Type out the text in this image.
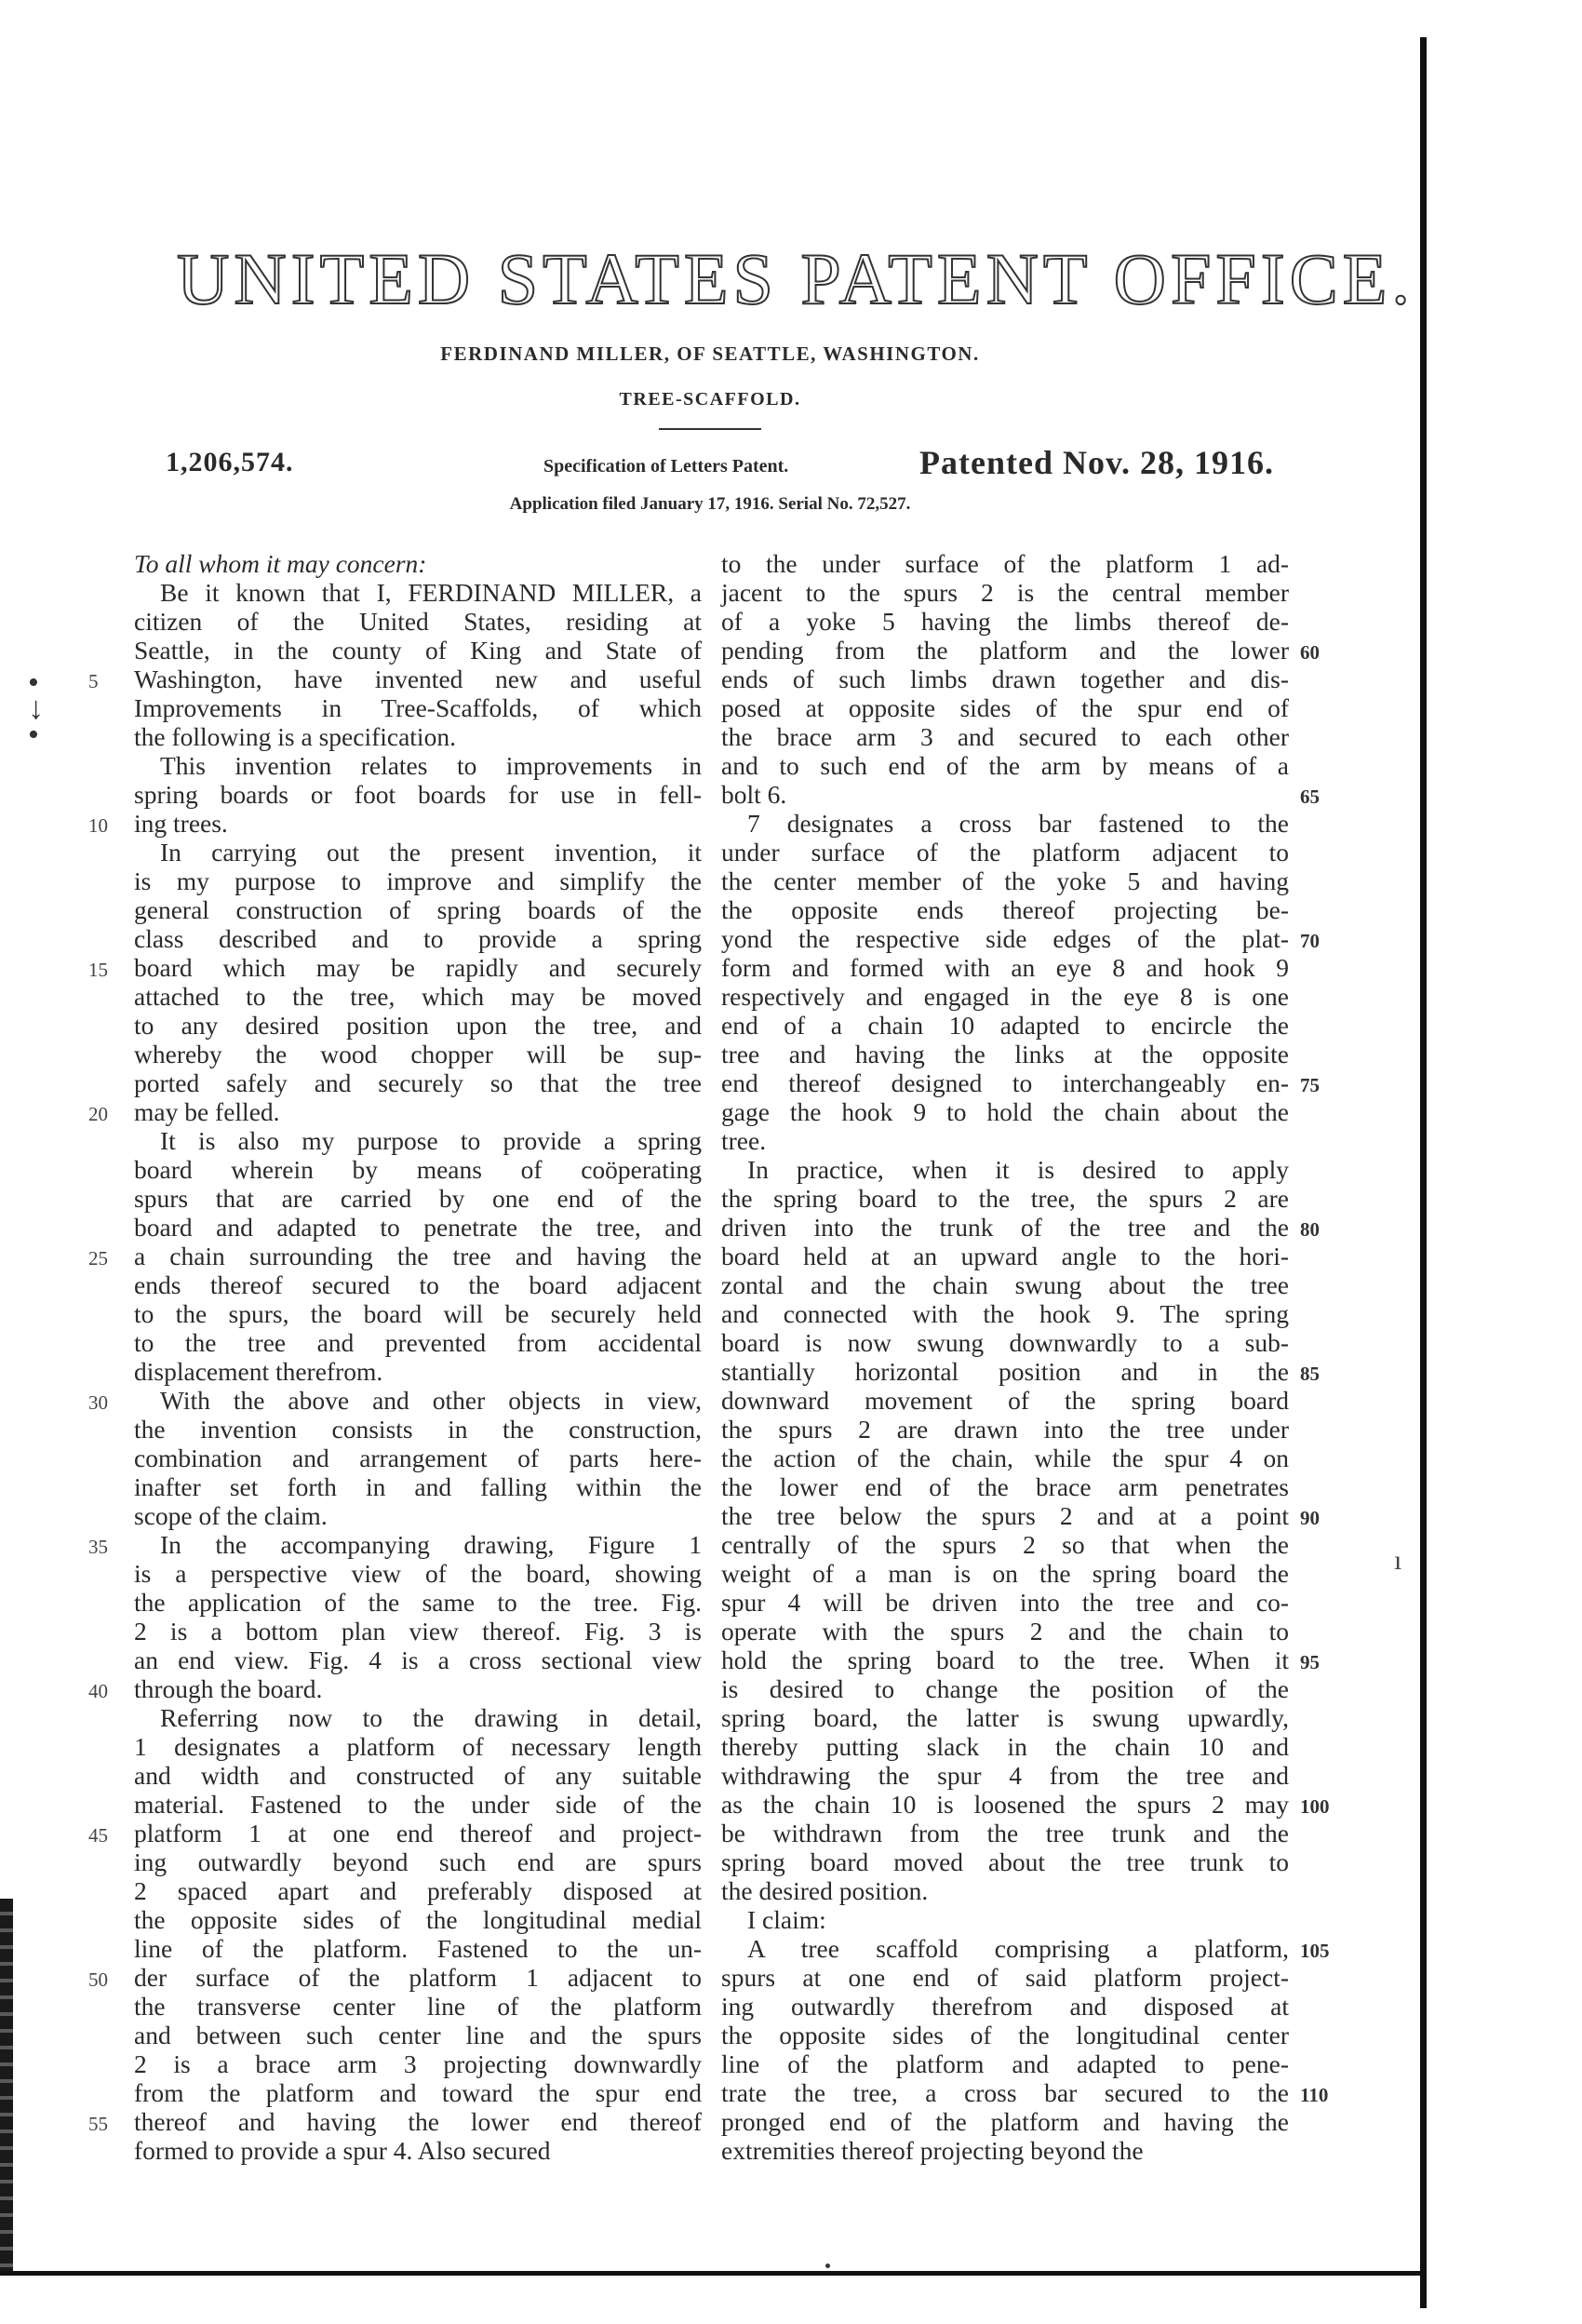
•
↓
•
ı
UNITED STATES PATENT OFFICE.
FERDINAND MILLER, OF SEATTLE, WASHINGTON.
TREE-SCAFFOLD.
1,206,574.	Specification of Letters Patent.	Patented Nov. 28, 1916.
Application filed January 17, 1916. Serial No. 72,527.
To all whom it may concern:
Be it known that I, FERDINAND MILLER, a
citizen of the United States, residing at
Seattle, in the county of King and State of
Washington, have invented new and useful
Improvements in Tree-Scaffolds, of which
the following is a specification.
This invention relates to improvements in
spring boards or foot boards for use in fell-
ing trees.
In carrying out the present invention, it
is my purpose to improve and simplify the
general construction of spring boards of the
class described and to provide a spring
board which may be rapidly and securely
attached to the tree, which may be moved
to any desired position upon the tree, and
whereby the wood chopper will be sup-
ported safely and securely so that the tree
may be felled.
It is also my purpose to provide a spring
board wherein by means of coöperating
spurs that are carried by one end of the
board and adapted to penetrate the tree, and
a chain surrounding the tree and having the
ends thereof secured to the board adjacent
to the spurs, the board will be securely held
to the tree and prevented from accidental
displacement therefrom.
With the above and other objects in view,
the invention consists in the construction,
combination and arrangement of parts here-
inafter set forth in and falling within the
scope of the claim.
In the accompanying drawing, Figure 1
is a perspective view of the board, showing
the application of the same to the tree. Fig.
2 is a bottom plan view thereof. Fig. 3 is
an end view. Fig. 4 is a cross sectional view
through the board.
Referring now to the drawing in detail,
1 designates a platform of necessary length
and width and constructed of any suitable
material. Fastened to the under side of the
platform 1 at one end thereof and project-
ing outwardly beyond such end are spurs
2 spaced apart and preferably disposed at
the opposite sides of the longitudinal medial
line of the platform. Fastened to the un-
der surface of the platform 1 adjacent to
the transverse center line of the platform
and between such center line and the spurs
2 is a brace arm 3 projecting downwardly
from the platform and toward the spur end
thereof and having the lower end thereof
formed to provide a spur 4. Also secured
to the under surface of the platform 1 ad-
jacent to the spurs 2 is the central member
of a yoke 5 having the limbs thereof de-
pending from the platform and the lower
ends of such limbs drawn together and dis-
posed at opposite sides of the spur end of
the brace arm 3 and secured to each other
and to such end of the arm by means of a
bolt 6.
7 designates a cross bar fastened to the
under surface of the platform adjacent to
the center member of the yoke 5 and having
the opposite ends thereof projecting be-
yond the respective side edges of the plat-
form and formed with an eye 8 and hook 9
respectively and engaged in the eye 8 is one
end of a chain 10 adapted to encircle the
tree and having the links at the opposite
end thereof designed to interchangeably en-
gage the hook 9 to hold the chain about the
tree.
In practice, when it is desired to apply
the spring board to the tree, the spurs 2 are
driven into the trunk of the tree and the
board held at an upward angle to the hori-
zontal and the chain swung about the tree
and connected with the hook 9. The spring
board is now swung downwardly to a sub-
stantially horizontal position and in the
downward movement of the spring board
the spurs 2 are drawn into the tree under
the action of the chain, while the spur 4 on
the lower end of the brace arm penetrates
the tree below the spurs 2 and at a point
centrally of the spurs 2 so that when the
weight of a man is on the spring board the
spur 4 will be driven into the tree and co-
operate with the spurs 2 and the chain to
hold the spring board to the tree. When it
is desired to change the position of the
spring board, the latter is swung upwardly,
thereby putting slack in the chain 10 and
withdrawing the spur 4 from the tree and
as the chain 10 is loosened the spurs 2 may
be withdrawn from the tree trunk and the
spring board moved about the tree trunk to
the desired position.
I claim:
A tree scaffold comprising a platform,
spurs at one end of said platform project-
ing outwardly therefrom and disposed at
the opposite sides of the longitudinal center
line of the platform and adapted to pene-
trate the tree, a cross bar secured to the
pronged end of the platform and having the
extremities thereof projecting beyond the
5
10
15
20
25
30
35
40
45
50
55
60
65
70
75
80
85
90
95
100
105
110
